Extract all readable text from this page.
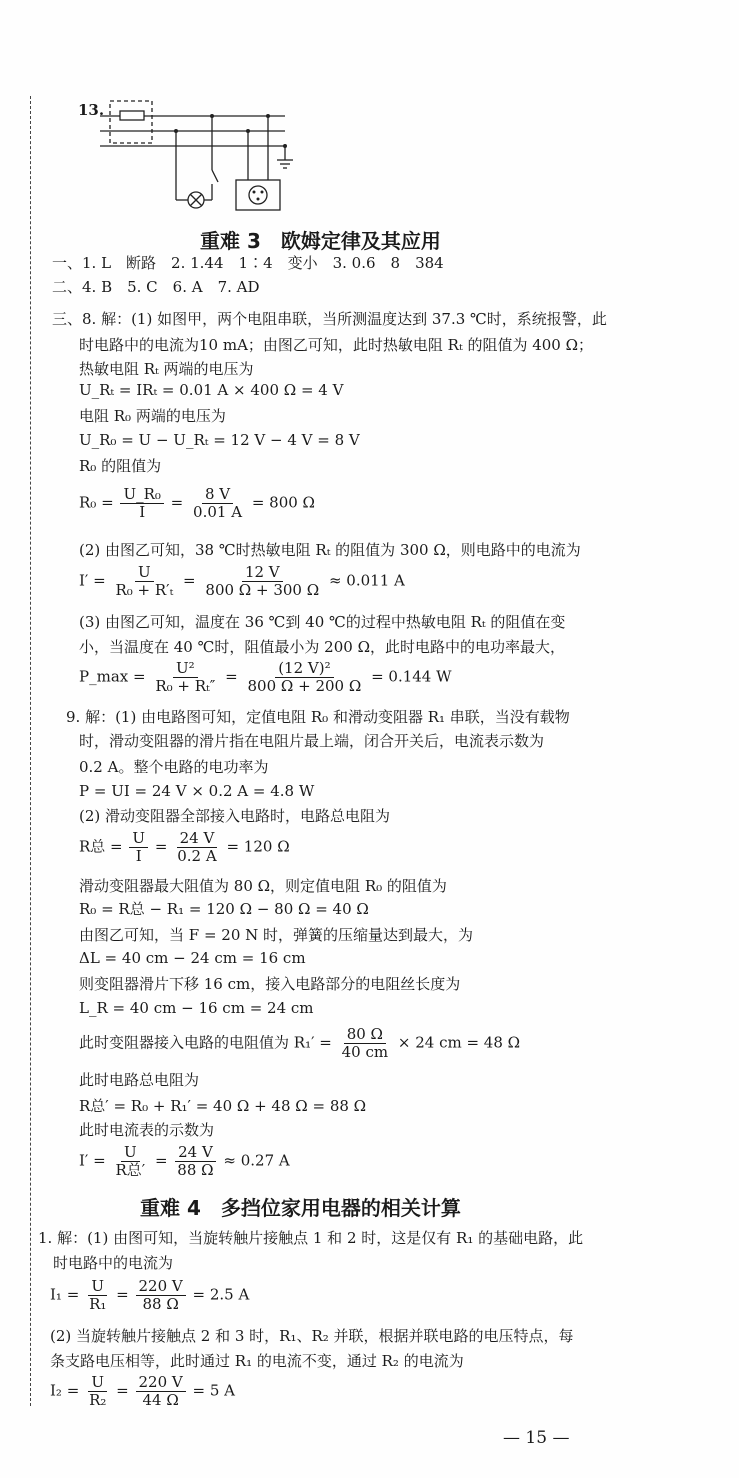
13.
重难 3　欧姆定律及其应用
一、1. L　断路　2. 1.44　1∶4　变小　3. 0.6　8　384
二、4. B　5. C　6. A　7. AD
三、8. 解：(1) 如图甲，两个电阻串联，当所测温度达到 37.3 ℃时，系统报警，此
时电路中的电流为10 mA；由图乙可知，此时热敏电阻 Rₜ 的阻值为 400 Ω；
热敏电阻 Rₜ 两端的电压为
U_Rₜ = IRₜ = 0.01 A × 400 Ω = 4 V
电阻 R₀ 两端的电压为
U_R₀ = U − U_Rₜ = 12 V − 4 V = 8 V
R₀ 的阻值为
$R_0 = \frac{\text{U\_R₀}}{I} = \frac{8 V}{0.01 A} = 800$ Ω
(2) 由图乙可知，38 ℃时热敏电阻 Rₜ 的阻值为 300 Ω，则电路中的电流为
$I' = \frac{U}{\text{R₀ + R′ₜ}} = \frac{12 V}{800 \Omega + 300 \Omega} \approx 0.011$ A
(3) 由图乙可知，温度在 36 ℃到 40 ℃的过程中热敏电阻 Rₜ 的阻值在变
小，当温度在 40 ℃时，阻值最小为 200 Ω，此时电路中的电功率最大，
P_max = $\frac{\text{U²}}{\text{R₀ + Rₜ″}} = \frac{\text{(12 V)²}}{800 \Omega + 200 \Omega} = 0.144$ W
9. 解：(1) 由电路图可知，定值电阻 R₀ 和滑动变阻器 R₁ 串联，当没有载物
时，滑动变阻器的滑片指在电阻片最上端，闭合开关后，电流表示数为
0.2 A。整个电路的电功率为
P = UI = 24 V × 0.2 A = 4.8 W
(2) 滑动变阻器全部接入电路时，电路总电阻为
R总 = $\frac{U}{I} = \frac{24 V}{0.2 A} = 120$ Ω
滑动变阻器最大阻值为 80 Ω，则定值电阻 R₀ 的阻值为
R₀ = R总 − R₁ = 120 Ω − 80 Ω = 40 Ω
由图乙可知，当 F = 20 N 时，弹簧的压缩量达到最大，为
ΔL = 40 cm − 24 cm = 16 cm
则变阻器滑片下移 16 cm，接入电路部分的电阻丝长度为
L_R = 40 cm − 16 cm = 24 cm
此时变阻器接入电路的电阻值为 $R_1' = \frac{80 \Omega}{40 cm} \times 24$ cm = 48 Ω
此时电路总电阻为
R总′ = R₀ + R₁′ = 40 Ω + 48 Ω = 88 Ω
此时电流表的示数为
$I' = \frac{U}{\text{R总′}} = \frac{24 V}{88 \Omega} \approx 0.27$ A
重难 4　多挡位家用电器的相关计算
1. 解：(1) 由图可知，当旋转触片接触点 1 和 2 时，这是仅有 R₁ 的基础电路，此
时电路中的电流为
$I_1 = \frac{U}{\text{R₁}} = \frac{220 V}{88 \Omega} = 2.5$ A
(2) 当旋转触片接触点 2 和 3 时，R₁、R₂ 并联，根据并联电路的电压特点，每
条支路电压相等，此时通过 R₁ 的电流不变，通过 R₂ 的电流为
$I_2 = \frac{U}{\text{R₂}} = \frac{220 V}{44 \Omega} = 5$ A
— 15 —
